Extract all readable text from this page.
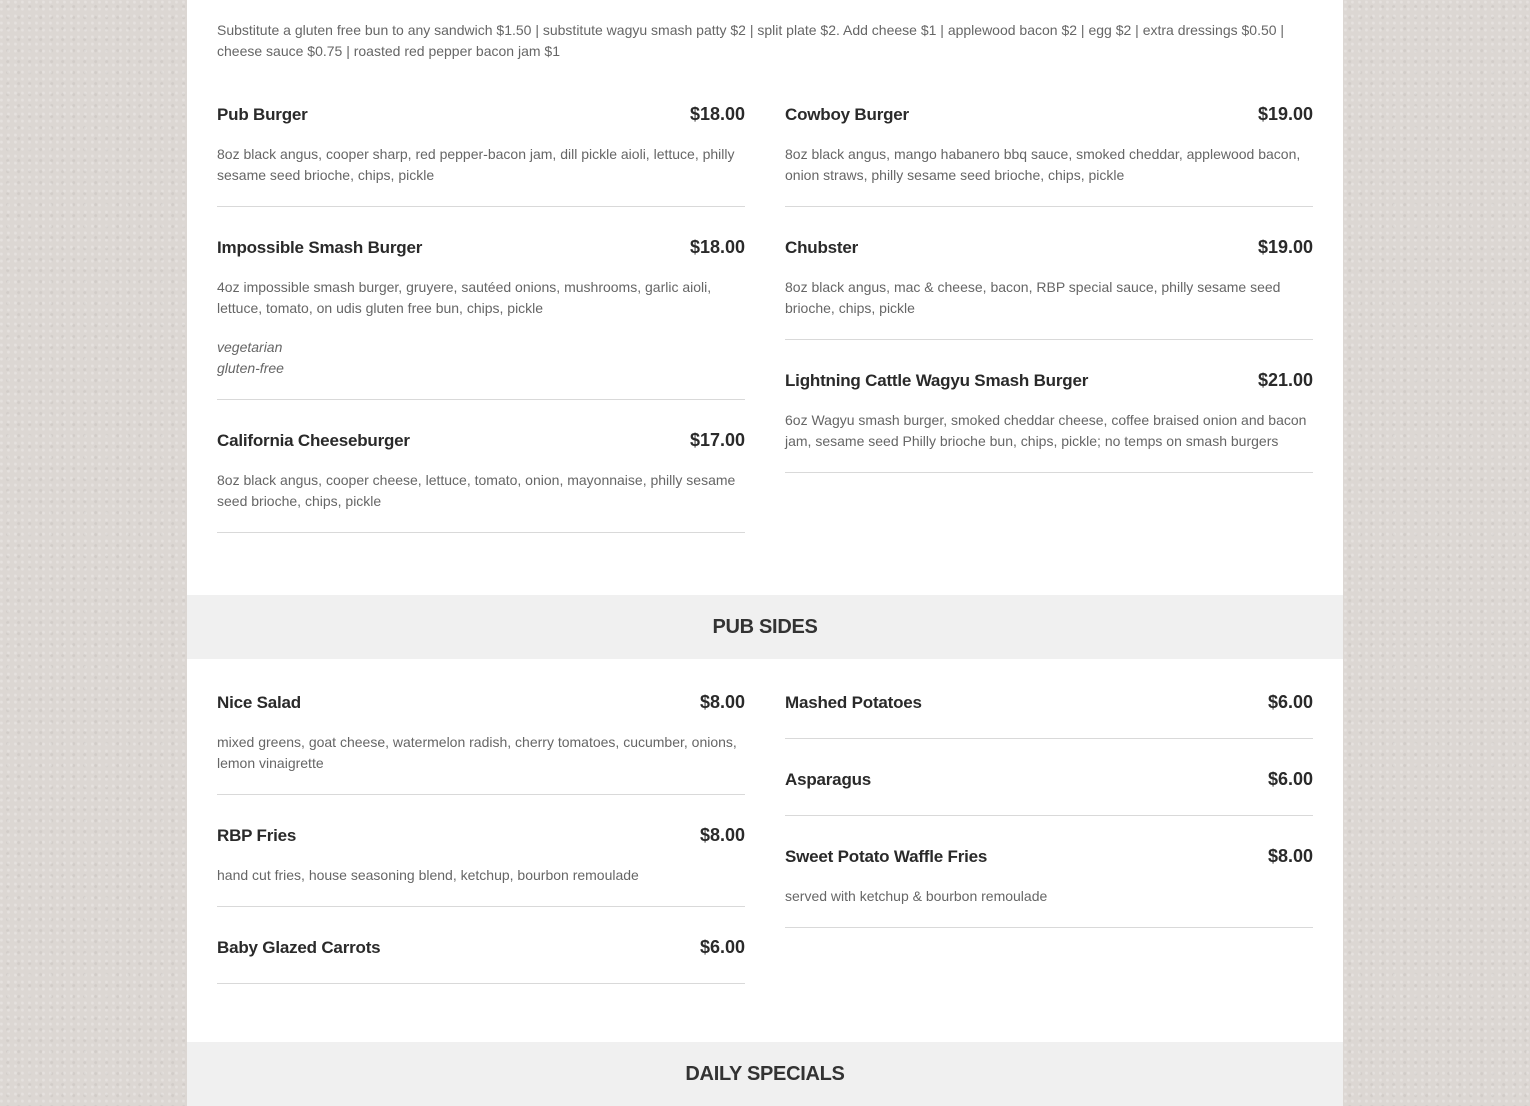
Substitute a gluten free bun to any sandwich $1.50 | substitute wagyu smash patty $2 | split plate $2. Add cheese $1 | applewood bacon $2 | egg $2 | extra dressings $0.50 | cheese sauce $0.75 | roasted red pepper bacon jam $1
Pub Burger	$18.00
8oz black angus, cooper sharp, red pepper-bacon jam, dill pickle aioli, lettuce, philly sesame seed brioche, chips, pickle
Impossible Smash Burger	$18.00
4oz impossible smash burger, gruyere, sautéed onions, mushrooms, garlic aioli, lettuce, tomato, on udis gluten free bun, chips, pickle
vegetarian
gluten-free
California Cheeseburger	$17.00
8oz black angus, cooper cheese, lettuce, tomato, onion, mayonnaise, philly sesame seed brioche, chips, pickle
Cowboy Burger	$19.00
8oz black angus, mango habanero bbq sauce, smoked cheddar, applewood bacon, onion straws, philly sesame seed brioche, chips, pickle
Chubster	$19.00
8oz black angus, mac & cheese, bacon, RBP special sauce, philly sesame seed brioche, chips, pickle
Lightning Cattle Wagyu Smash Burger	$21.00
6oz Wagyu smash burger, smoked cheddar cheese, coffee braised onion and bacon jam, sesame seed Philly brioche bun, chips, pickle; no temps on smash burgers
PUB SIDES
Nice Salad	$8.00
mixed greens, goat cheese, watermelon radish, cherry tomatoes, cucumber, onions, lemon vinaigrette
RBP Fries	$8.00
hand cut fries, house seasoning blend, ketchup, bourbon remoulade
Baby Glazed Carrots	$6.00
Mashed Potatoes	$6.00
Asparagus	$6.00
Sweet Potato Waffle Fries	$8.00
served with ketchup & bourbon remoulade
DAILY SPECIALS
